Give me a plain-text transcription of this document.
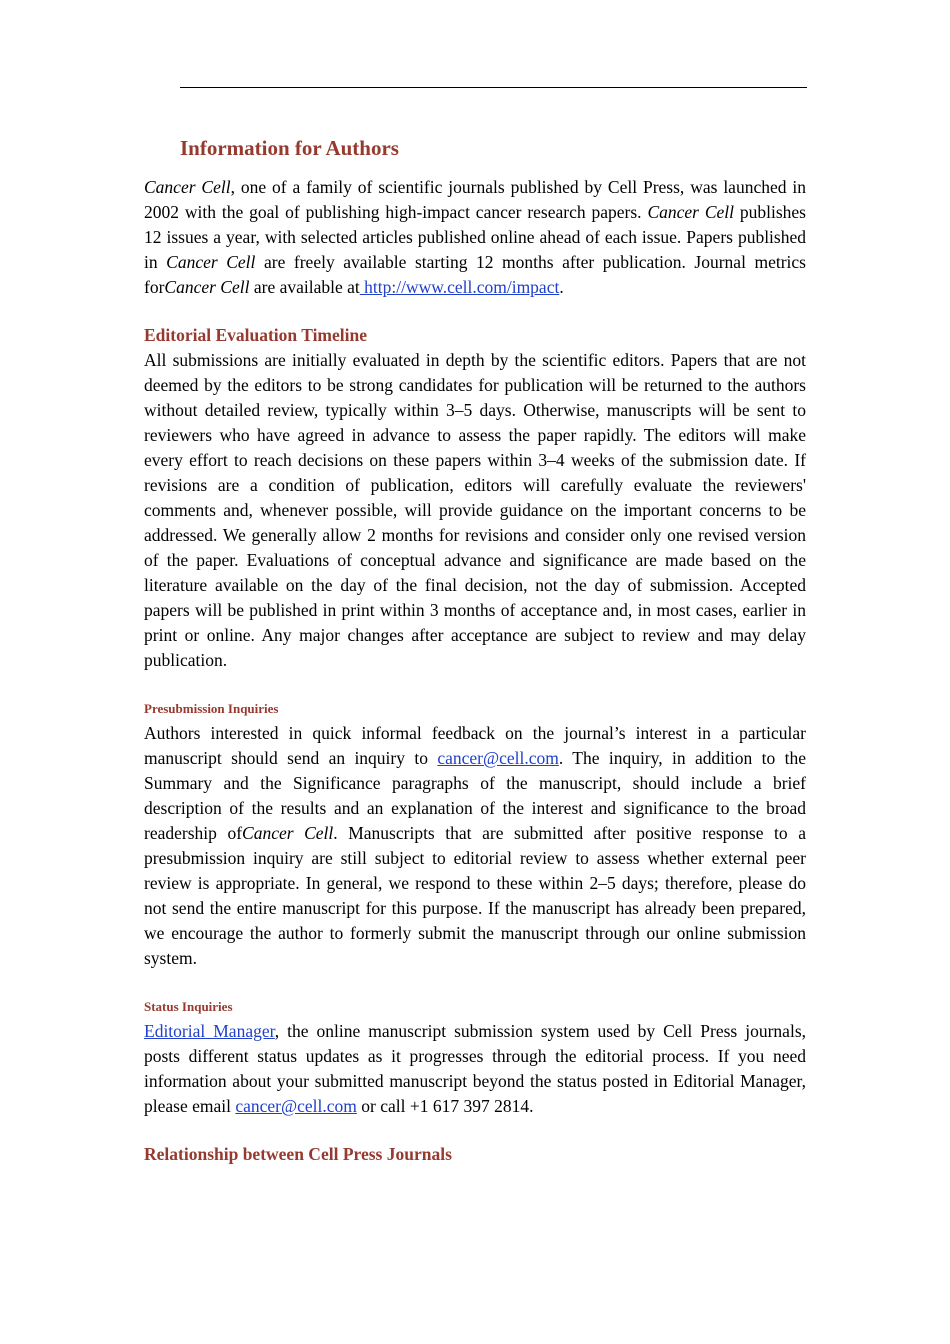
Information for Authors

Cancer Cell, one of a family of scientific journals published by Cell Press, was launched in 2002 with the goal of publishing high-impact cancer research papers. Cancer Cell publishes 12 issues a year, with selected articles published online ahead of each issue. Papers published in Cancer Cell are freely available starting 12 months after publication. Journal metrics forCancer Cell are available at http://www.cell.com/impact.

Editorial Evaluation Timeline

All submissions are initially evaluated in depth by the scientific editors. Papers that are not deemed by the editors to be strong candidates for publication will be returned to the authors without detailed review, typically within 3–5 days. Otherwise, manuscripts will be sent to reviewers who have agreed in advance to assess the paper rapidly. The editors will make every effort to reach decisions on these papers within 3–4 weeks of the submission date. If revisions are a condition of publication, editors will carefully evaluate the reviewers' comments and, whenever possible, will provide guidance on the important concerns to be addressed. We generally allow 2 months for revisions and consider only one revised version of the paper. Evaluations of conceptual advance and significance are made based on the literature available on the day of the final decision, not the day of submission. Accepted papers will be published in print within 3 months of acceptance and, in most cases, earlier in print or online. Any major changes after acceptance are subject to review and may delay publication.

Presubmission Inquiries

Authors interested in quick informal feedback on the journal’s interest in a particular manuscript should send an inquiry to cancer@cell.com. The inquiry, in addition to the Summary and the Significance paragraphs of the manuscript, should include a brief description of the results and an explanation of the interest and significance to the broad readership ofCancer Cell. Manuscripts that are submitted after positive response to a presubmission inquiry are still subject to editorial review to assess whether external peer review is appropriate. In general, we respond to these within 2–5 days; therefore, please do not send the entire manuscript for this purpose. If the manuscript has already been prepared, we encourage the author to formerly submit the manuscript through our online submission system.

Status Inquiries

Editorial Manager, the online manuscript submission system used by Cell Press journals, posts different status updates as it progresses through the editorial process. If you need information about your submitted manuscript beyond the status posted in Editorial Manager, please email cancer@cell.com or call +1 617 397 2814.

Relationship between Cell Press Journals
